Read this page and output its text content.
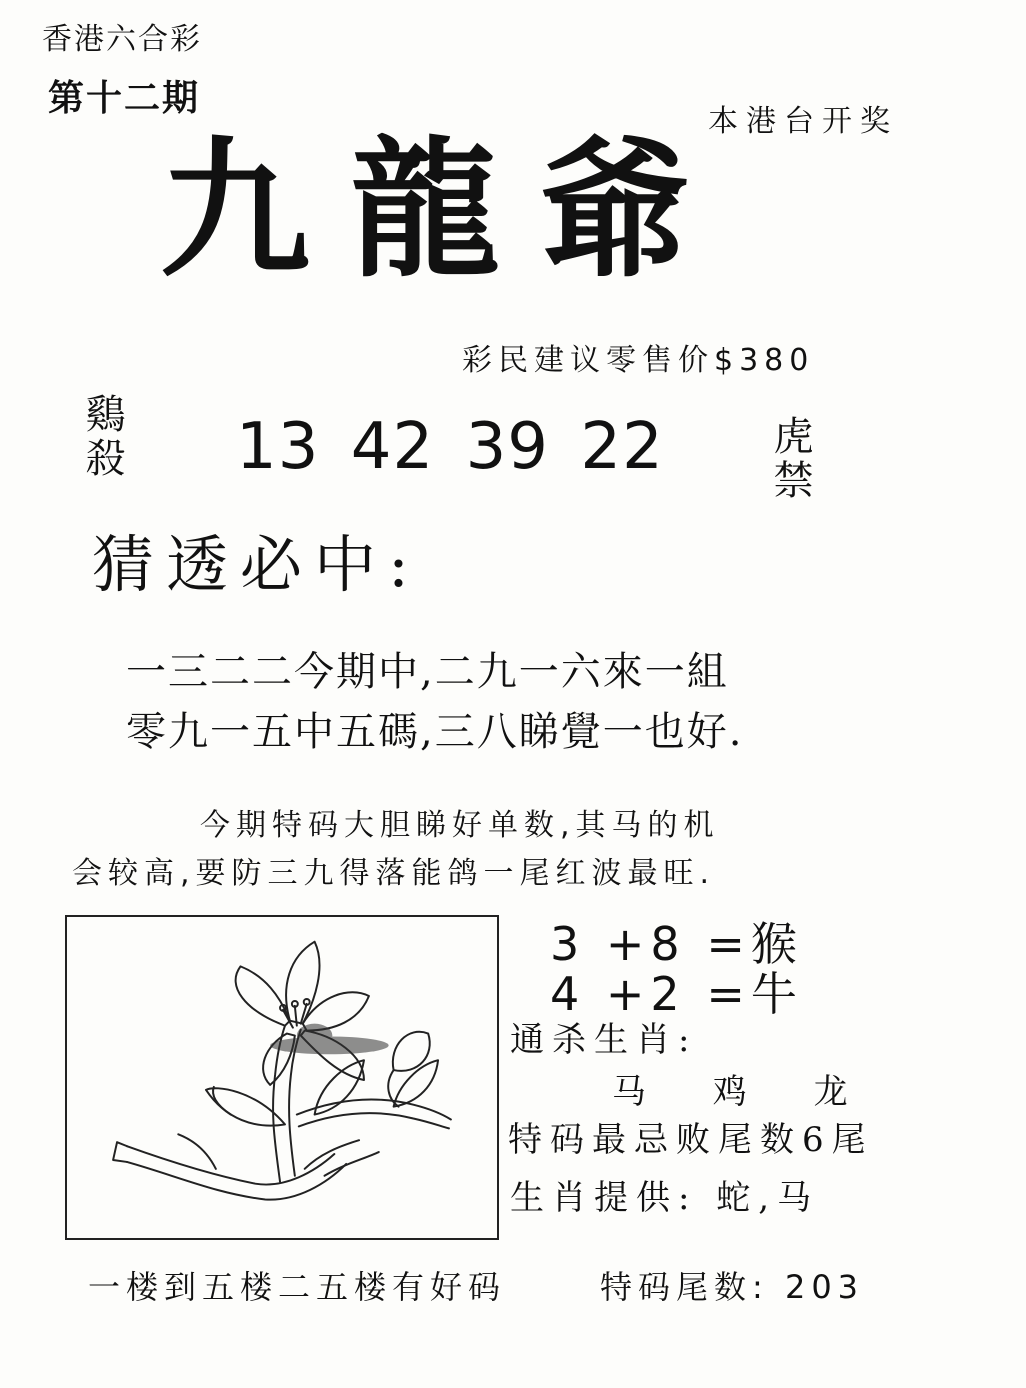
香港六合彩
第十二期
本港台开奖
九龍爺
彩民建议零售价$380
鷄殺 13 42 39 22	虎禁
猜透必中:
一三二二今期中,二九一六來一組
零九一五中五碼,三八睇覺一也好.
今期特码大胆睇好单数,其马的机
会较高,要防三九得落能鸽一尾红波最旺.
3 +8 =猴
4 +2 =牛
通杀生肖:
马 鸡 龙
特码最忌败尾数6尾
生肖提供: 蛇,马
一楼到五楼二五楼有好码	特码尾数: 203
